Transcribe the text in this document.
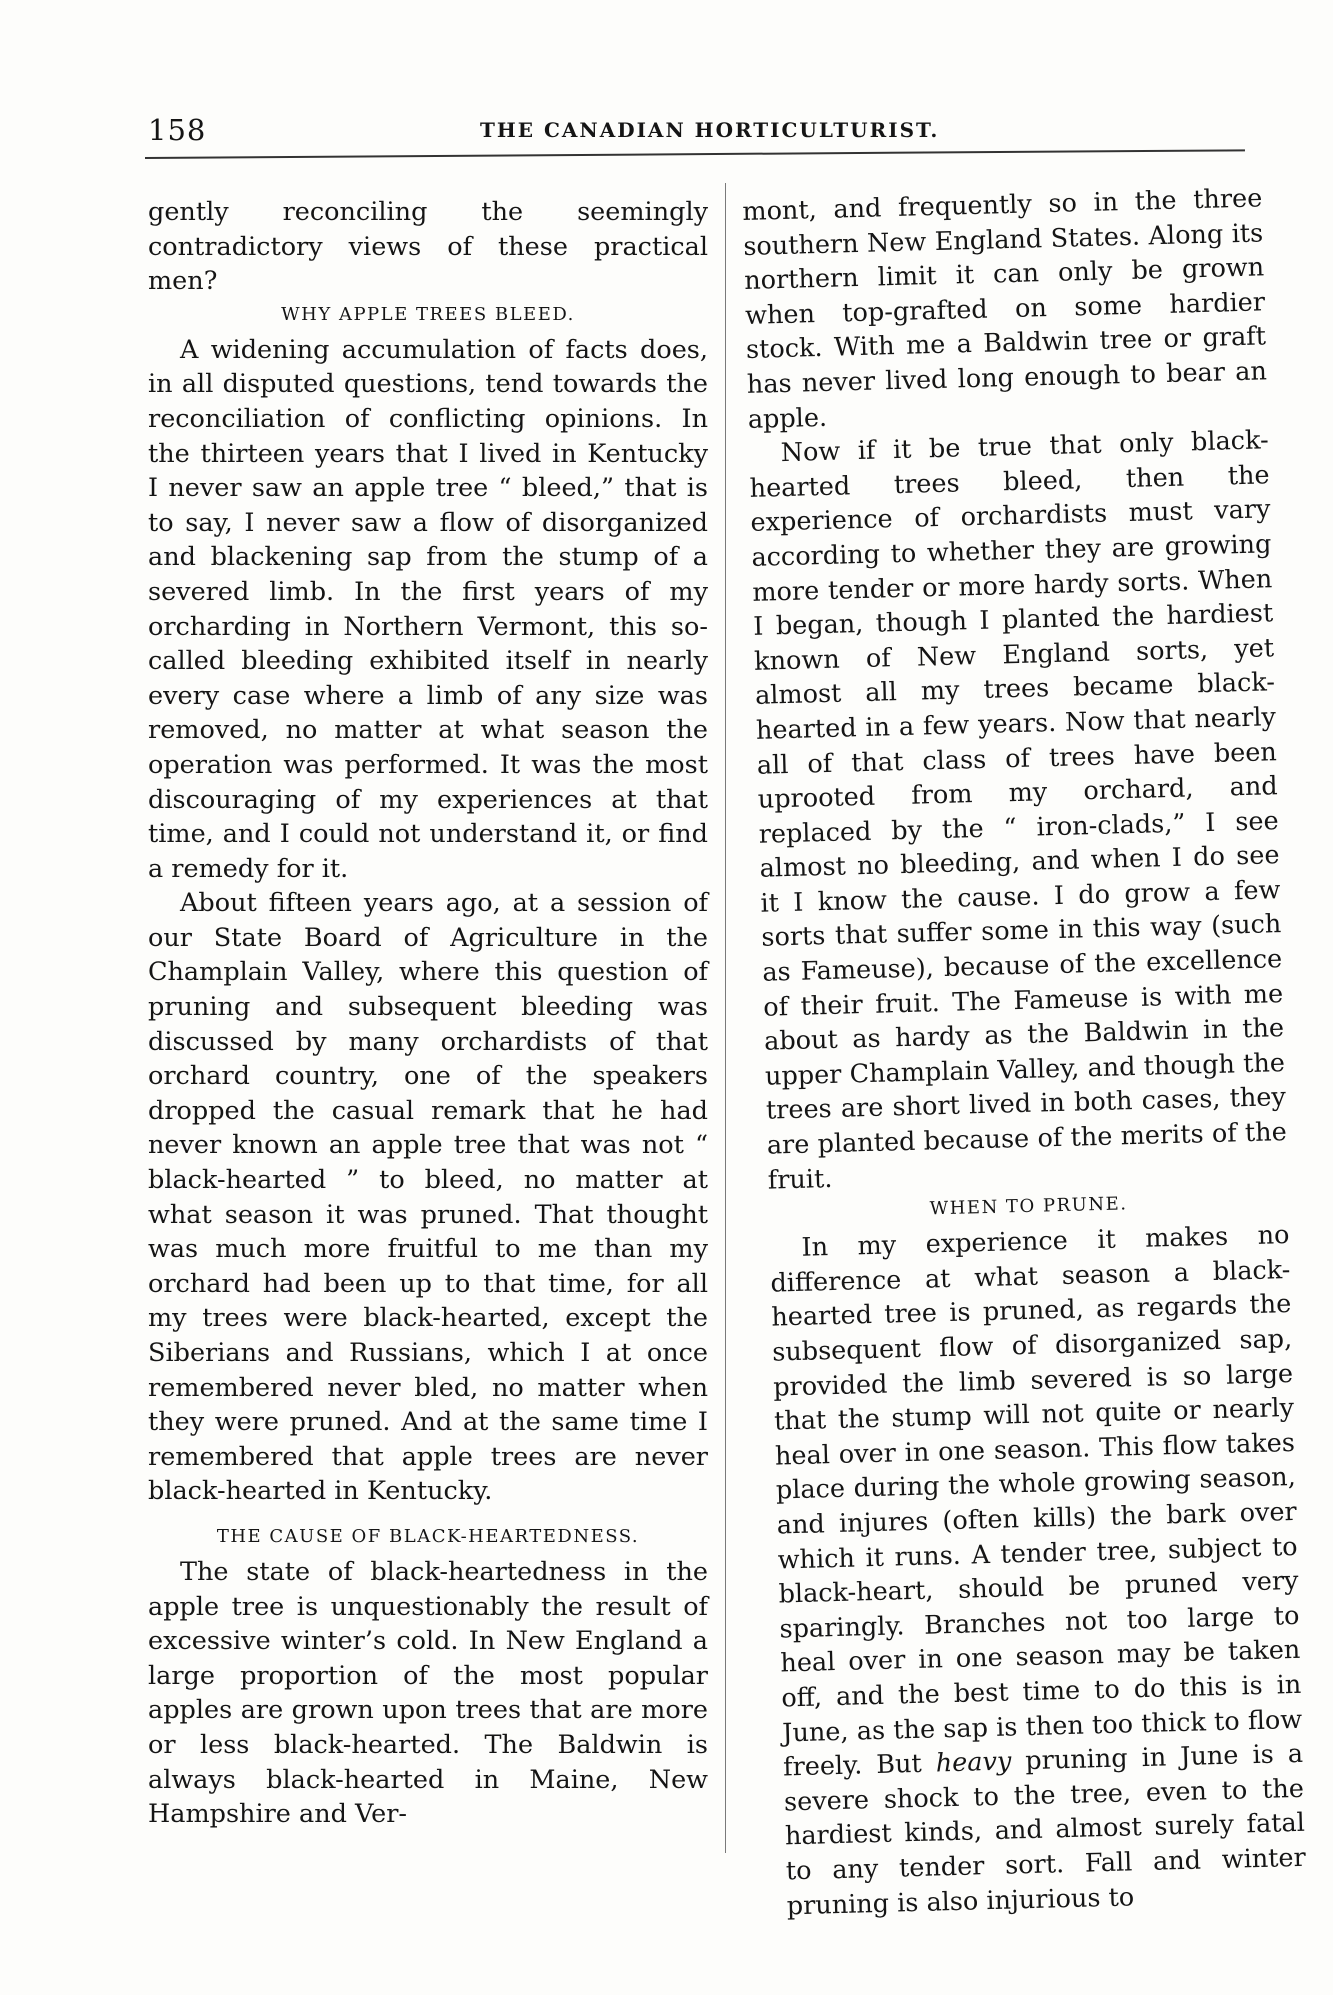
158	THE CANADIAN HORTICULTURIST.

gently reconciling the seemingly contradictory views of these practical men?

WHY APPLE TREES BLEED.

A widening accumulation of facts does, in all disputed questions, tend towards the reconciliation of conflicting opinions. In the thirteen years that I lived in Kentucky I never saw an apple tree “ bleed,” that is to say, I never saw a flow of disorganized and blackening sap from the stump of a severed limb. In the first years of my orcharding in Northern Vermont, this so-called bleeding exhibited itself in nearly every case where a limb of any size was removed, no matter at what season the operation was performed. It was the most discouraging of my experiences at that time, and I could not understand it, or find a remedy for it.

About fifteen years ago, at a session of our State Board of Agriculture in the Champlain Valley, where this question of pruning and subsequent bleeding was discussed by many orchardists of that orchard country, one of the speakers dropped the casual remark that he had never known an apple tree that was not “ black-hearted ” to bleed, no matter at what season it was pruned. That thought was much more fruitful to me than my orchard had been up to that time, for all my trees were black-hearted, except the Siberians and Russians, which I at once remembered never bled, no matter when they were pruned. And at the same time I remembered that apple trees are never black-hearted in Kentucky.

THE CAUSE OF BLACK-HEARTEDNESS.

The state of black-heartedness in the apple tree is unquestionably the result of excessive winter’s cold. In New England a large proportion of the most popular apples are grown upon trees that are more or less black-hearted. The Baldwin is always black-hearted in Maine, New Hampshire and Ver-

mont, and frequently so in the three southern New England States. Along its northern limit it can only be grown when top-grafted on some hardier stock. With me a Baldwin tree or graft has never lived long enough to bear an apple.

Now if it be true that only black-hearted trees bleed, then the experience of orchardists must vary according to whether they are growing more tender or more hardy sorts. When I began, though I planted the hardiest known of New England sorts, yet almost all my trees became black-hearted in a few years. Now that nearly all of that class of trees have been uprooted from my orchard, and replaced by the “ iron-clads,” I see almost no bleeding, and when I do see it I know the cause. I do grow a few sorts that suffer some in this way (such as Fameuse), because of the excellence of their fruit. The Fameuse is with me about as hardy as the Baldwin in the upper Champlain Valley, and though the trees are short lived in both cases, they are planted because of the merits of the fruit.

WHEN TO PRUNE.

In my experience it makes no difference at what season a black-hearted tree is pruned, as regards the subsequent flow of disorganized sap, provided the limb severed is so large that the stump will not quite or nearly heal over in one season. This flow takes place during the whole growing season, and injures (often kills) the bark over which it runs. A tender tree, subject to black-heart, should be pruned very sparingly. Branches not too large to heal over in one season may be taken off, and the best time to do this is in June, as the sap is then too thick to flow freely. But heavy pruning in June is a severe shock to the tree, even to the hardiest kinds, and almost surely fatal to any tender sort. Fall and winter pruning is also injurious to
